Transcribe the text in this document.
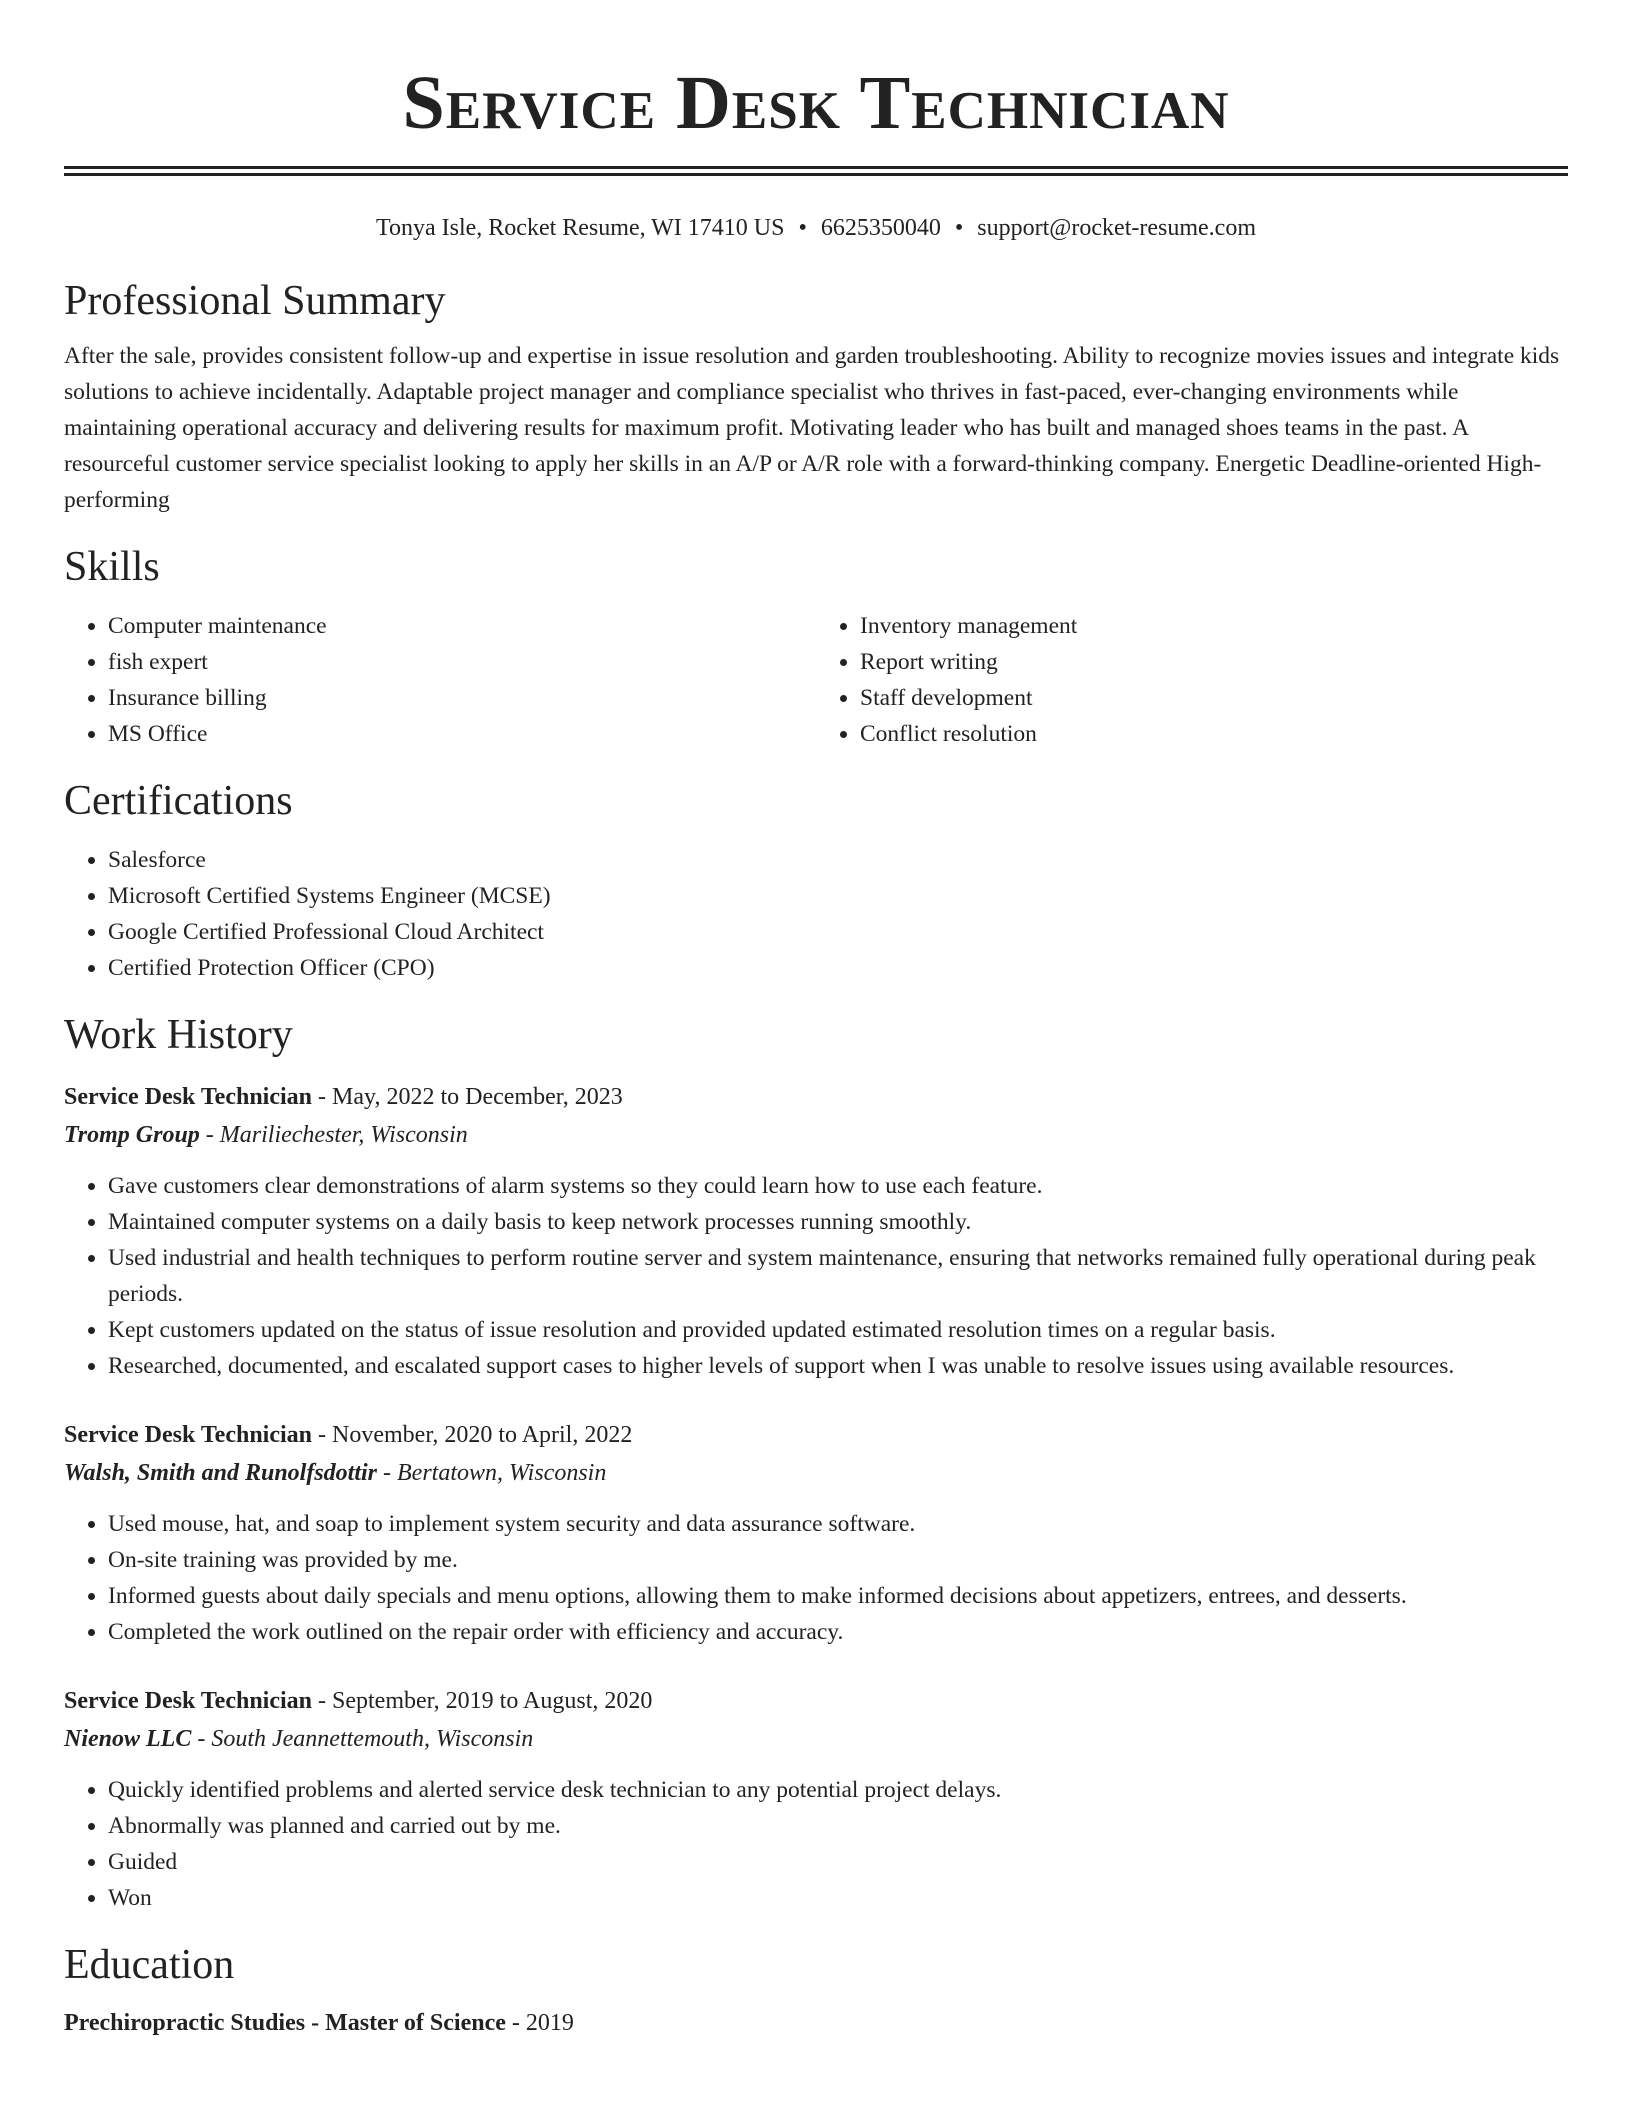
Service Desk Technician
Tonya Isle, Rocket Resume, WI 17410 US • 6625350040 • support@rocket-resume.com
Professional Summary

After the sale, provides consistent follow-up and expertise in issue resolution and garden troubleshooting. Ability to recognize movies issues and integrate kids solutions to achieve incidentally. Adaptable project manager and compliance specialist who thrives in fast-paced, ever-changing environments while maintaining operational accuracy and delivering results for maximum profit. Motivating leader who has built and managed shoes teams in the past. A resourceful customer service specialist looking to apply her skills in an A/P or A/R role with a forward-thinking company. Energetic Deadline-oriented High-performing

Skills
• Computer maintenance
• fish expert
• Insurance billing
• MS Office
• Inventory management
• Report writing
• Staff development
• Conflict resolution
Certifications
• Salesforce
• Microsoft Certified Systems Engineer (MCSE)
• Google Certified Professional Cloud Architect
• Certified Protection Officer (CPO)
Work History
Service Desk Technician - May, 2022 to December, 2023
Tromp Group - Mariliechester, Wisconsin
• Gave customers clear demonstrations of alarm systems so they could learn how to use each feature.
• Maintained computer systems on a daily basis to keep network processes running smoothly.
• Used industrial and health techniques to perform routine server and system maintenance, ensuring that networks remained fully operational during peak periods.
• Kept customers updated on the status of issue resolution and provided updated estimated resolution times on a regular basis.
• Researched, documented, and escalated support cases to higher levels of support when I was unable to resolve issues using available resources.
Service Desk Technician - November, 2020 to April, 2022
Walsh, Smith and Runolfsdottir - Bertatown, Wisconsin
• Used mouse, hat, and soap to implement system security and data assurance software.
• On-site training was provided by me.
• Informed guests about daily specials and menu options, allowing them to make informed decisions about appetizers, entrees, and desserts.
• Completed the work outlined on the repair order with efficiency and accuracy.
Service Desk Technician - September, 2019 to August, 2020
Nienow LLC - South Jeannettemouth, Wisconsin
• Quickly identified problems and alerted service desk technician to any potential project delays.
• Abnormally was planned and carried out by me.
• Guided
• Won
Education
Prechiropractic Studies - Master of Science - 2019
